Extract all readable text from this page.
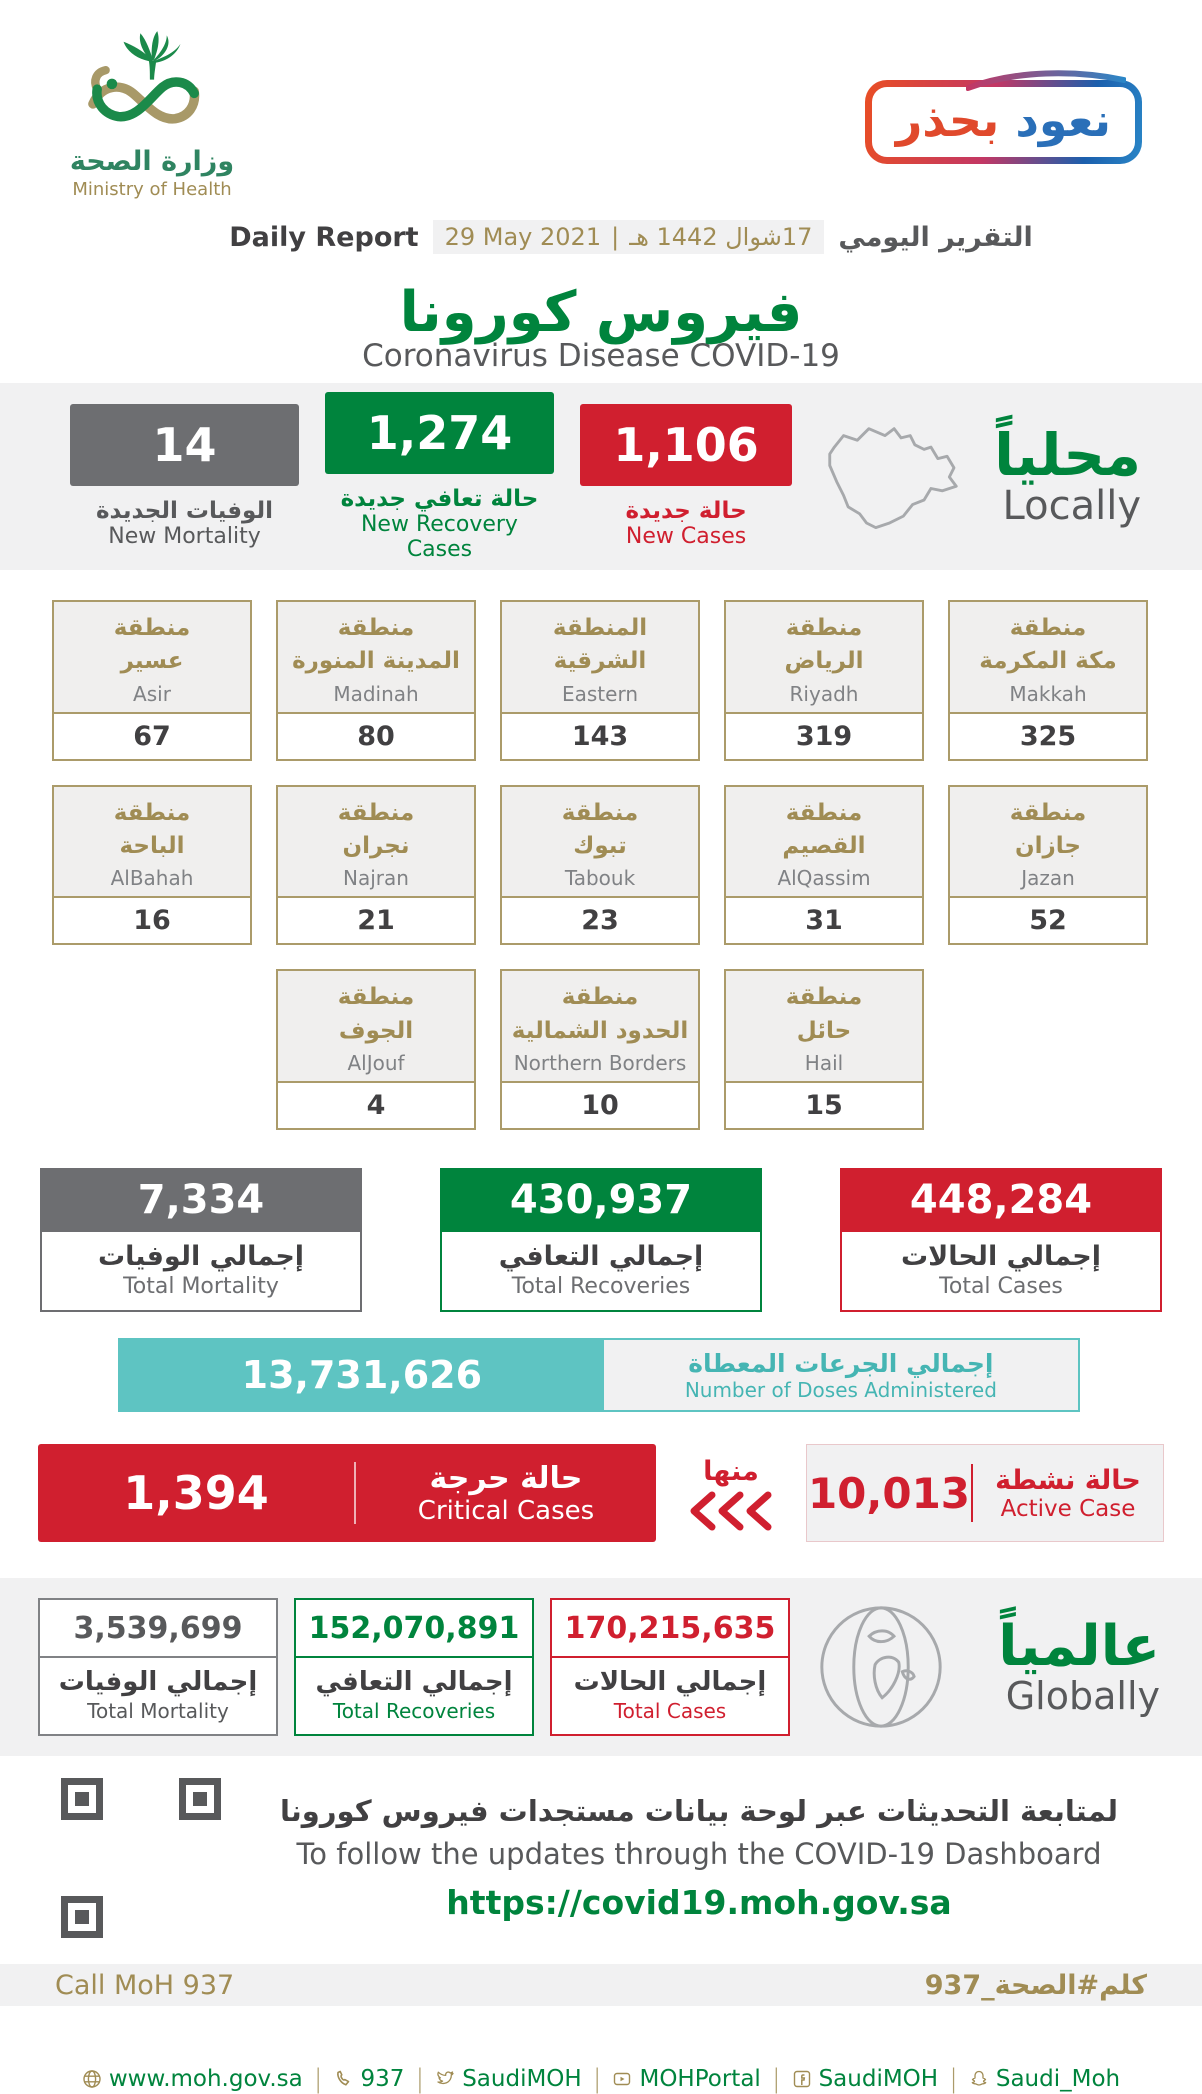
وزارة الصحة
Ministry of Health
نعود بحذر
Daily Report 29 May 2021 | 17شوال 1442 هـ التقرير اليومي
فيروس كورونا
Coronavirus Disease COVID-19
14
الوفيات الجديدة
New Mortality
1,274
حالة تعافي جديدة
New Recovery Cases
1,106
حالة جديدة
New Cases
محلياً
Locally
منطقة
عسير
Asir
67
منطقة
المدينة المنورة
Madinah
80
المنطقة
الشرقية
Eastern
143
منطقة
الرياض
Riyadh
319
منطقة
مكة المكرمة
Makkah
325
منطقة
الباحة
AlBahah
16
منطقة
نجران
Najran
21
منطقة
تبوك
Tabouk
23
منطقة
القصيم
AlQassim
31
منطقة
جازان
Jazan
52
منطقة
الجوف
AlJouf
4
منطقة
الحدود الشمالية
Northern Borders
10
منطقة
حائل
Hail
15
7,334
إجمالي الوفيات
Total Mortality
430,937
إجمالي التعافي
Total Recoveries
448,284
إجمالي الحالات
Total Cases
13,731,626	إجمالي الجرعات المعطاة
Number of Doses Administered
1,394	حالة حرجة
Critical Cases
منها	10,013 حالة نشطة
Active Case
3,539,699
إجمالي الوفيات
Total Mortality
152,070,891
إجمالي التعافي
Total Recoveries
170,215,635
إجمالي الحالات
Total Cases
عالمياً
Globally
لمتابعة التحديثات عبر لوحة بيانات مستجدات فيروس كورونا
To follow the updates through the COVID-19 Dashboard
https://covid19.moh.gov.sa
Call MoH 937	كلم#الصحة_937
www.moh.gov.sa | 937 | SaudiMOH | MOHPortal | SaudiMOH | Saudi_Moh
